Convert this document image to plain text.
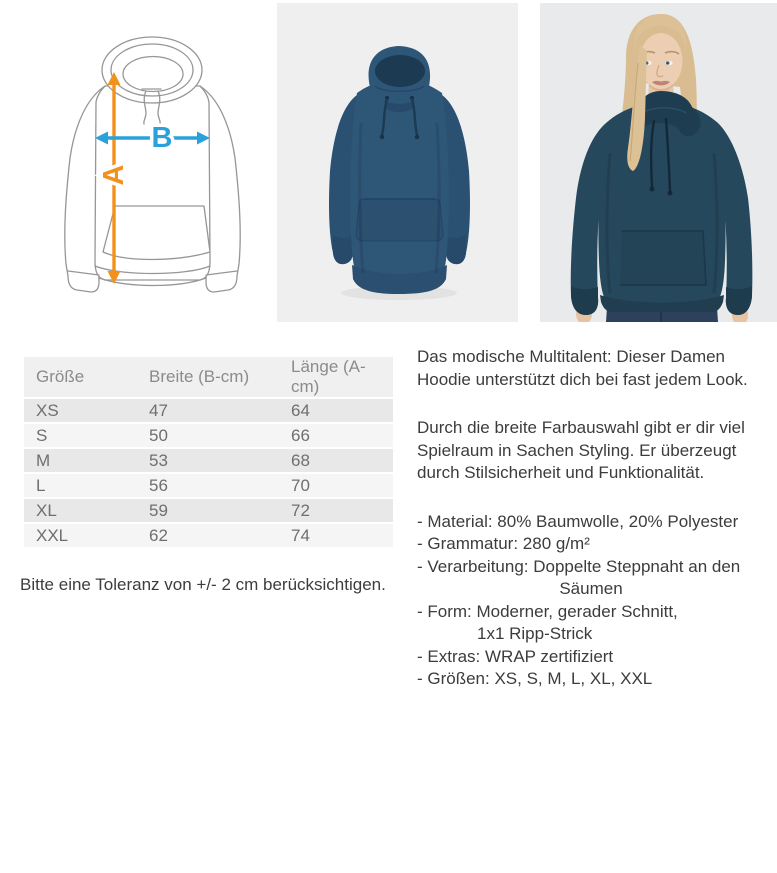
A
B
Größe	Breite (B-cm)	Länge (A-cm)
XS	47	64
S	50	66
M	53	68
L	56	70
XL	59	72
XXL	62	74
Bitte eine Toleranz von +/- 2 cm berücksichtigen.
Das modische Multitalent: Dieser Damen
Hoodie unterstützt dich bei fast jedem Look.
Durch die breite Farbauswahl gibt er dir viel
Spielraum in Sachen Styling. Er überzeugt
durch Stilsicherheit und Funktionalität.
- Material: 80% Baumwolle, 20% Polyester
- Grammatur: 280 g/m²
- Verarbeitung: Doppelte Steppnaht an den
Säumen
- Form: Moderner, gerader Schnitt,
1x1 Ripp-Strick
- Extras: WRAP zertifiziert
- Größen: XS, S, M, L, XL, XXL
